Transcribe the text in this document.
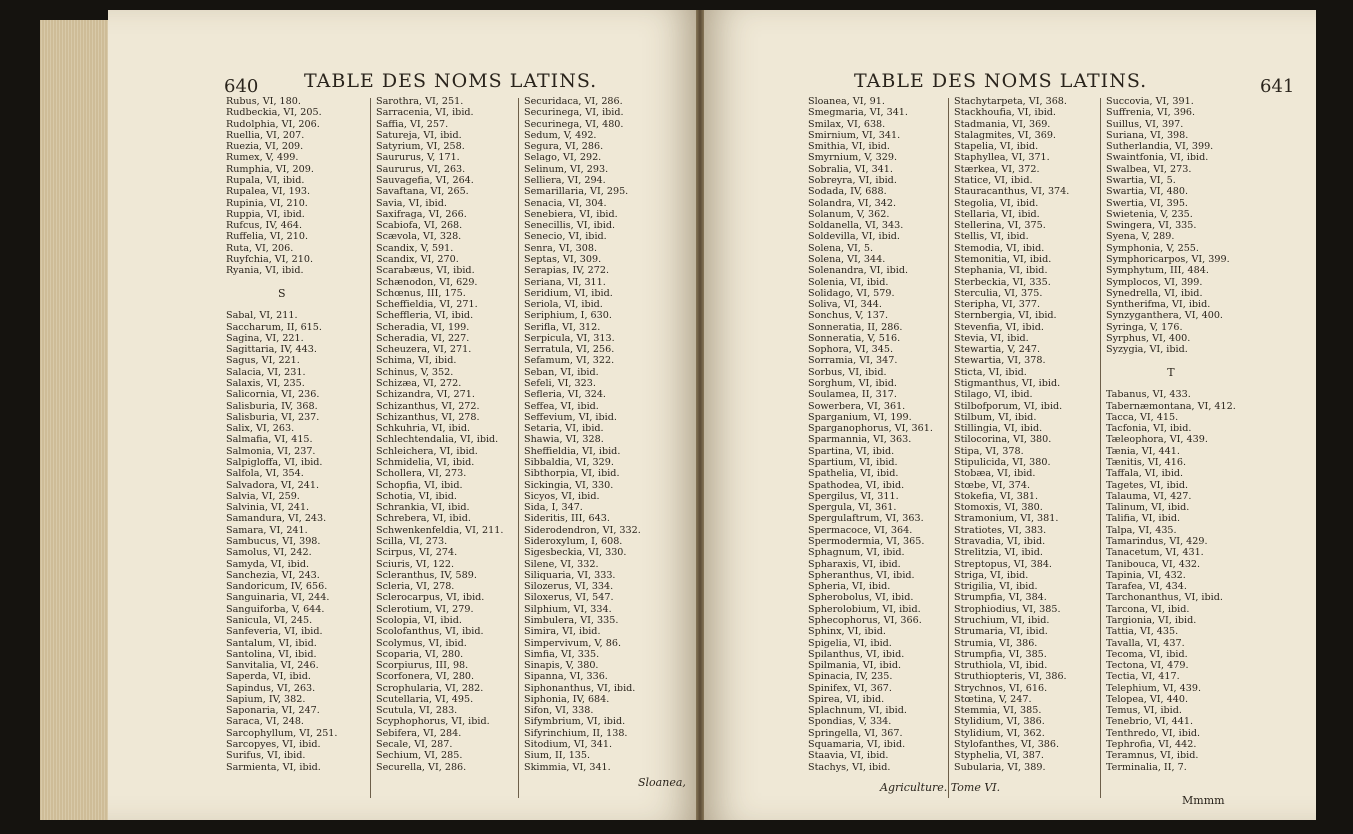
640 TABLE DES NOMS LATINS.
Rubus, VI, 180.
Rudbeckia, VI, 205.
Rudolphia, VI, 206.
Ruellia, VI, 207.
Ruezia, VI, 209.
Rumex, V, 499.
Rumphia, VI, 209.
Rupala, VI, ibid.
Rupalea, VI, 193.
Rupinia, VI, 210.
Ruppia, VI, ibid.
Rufcus, IV, 464.
Ruffelia, VI, 210.
Ruta, VI, 206.
Ruyfchia, VI, 210.
Ryania, VI, ibid.

S

Sabal, VI, 211.
Saccharum, II, 615.
Sagina, VI, 221.
Sagittaria, IV, 443.
Sagus, VI, 221.
Salacia, VI, 231.
Salaxis, VI, 235.
Salicornia, VI, 236.
Salisburia, IV, 368.
Salisburia, VI, 237.
Salix, VI, 263.
Salmafia, VI, 415.
Salmonia, VI, 237.
Salpigloffa, VI, ibid.
Salfola, VI, 354.
Salvadora, VI, 241.
Salvia, VI, 259.
Salvinia, VI, 241.
Samandura, VI, 243.
Samara, VI, 241.
Sambucus, VI, 398.
Samolus, VI, 242.
Samyda, VI, ibid.
Sanchezia, VI, 243.
Sandoricum, IV, 656.
Sanguinaria, VI, 244.
Sanguiforba, V, 644.
Sanicula, VI, 245.
Sanfeveria, VI, ibid.
Santalum, VI, ibid.
Santolina, VI, ibid.
Sanvitalia, VI, 246.
Saperda, VI, ibid.
Sapindus, VI, 263.
Sapium, IV, 382.
Saponaria, VI, 247.
Saraca, VI, 248.
Sarcophyllum, VI, 251.
Sarcopyes, VI, ibid.
Surifus, VI, ibid.
Sarmienta, VI, ibid.
Sarothra, VI, 251.
Sarracenia, VI, ibid.
Saffia, VI, 257.
Satureja, VI, ibid.
Satyrium, VI, 258.
Saururus, V, 171.
Saururus, VI, 263.
Sauvagefia, VI, 264.
Savaftana, VI, 265.
Savia, VI, ibid.
Saxifraga, VI, 266.
Scabiofa, VI, 268.
Scævola, VI, 328.
Scandix, V, 591.
Scandix, VI, 270.
Scarabæus, VI, ibid.
Schænodon, VI, 629.
Schœnus, III, 175.
Scheffieldia, VI, 271.
Scheffleria, VI, ibid.
Scheradia, VI, 199.
Scheradia, VI, 227.
Scheuzera, VI, 271.
Schima, VI, ibid.
Schinus, V, 352.
Schizæa, VI, 272.
Schizandra, VI, 271.
Schizanthus, VI, 272.
Schizanthus, VI, 278.
Schkuhria, VI, ibid.
Schlechtendalia, VI, ibid.
Schleichera, VI, ibid.
Schmidelia, VI, ibid.
Schollera, VI, 273.
Schopfia, VI, ibid.
Schotia, VI, ibid.
Schrankia, VI, ibid.
Schrebera, VI, ibid.
Schwenkenfeldia, VI, 211.
Scilla, VI, 273.
Scirpus, VI, 274.
Sciuris, VI, 122.
Scleranthus, IV, 589.
Scleria, VI, 278.
Sclerocarpus, VI, ibid.
Sclerotium, VI, 279.
Scolopia, VI, ibid.
Scolofanthus, VI, ibid.
Scolymus, VI, ibid.
Scoparia, VI, 280.
Scorpiurus, III, 98.
Scorfonera, VI, 280.
Scrophularia, VI, 282.
Scutellaria, VI, 495.
Scutula, VI, 283.
Scyphophorus, VI, ibid.
Sebifera, VI, 284.
Secale, VI, 287.
Sechium, VI, 285.
Securella, VI, 286.
Securidaca, VI, 286.
Securinega, VI, ibid.
Securinega, VI, 480.
Sedum, V, 492.
Segura, VI, 286.
Selago, VI, 292.
Selinum, VI, 293.
Selliera, VI, 294.
Semarillaria, VI, 295.
Senacia, VI, 304.
Senebiera, VI, ibid.
Senecillis, VI, ibid.
Senecio, VI, ibid.
Senra, VI, 308.
Septas, VI, 309.
Serapias, IV, 272.
Seriana, VI, 311.
Seridium, VI, ibid.
Seriola, VI, ibid.
Seriphium, I, 630.
Serifla, VI, 312.
Serpicula, VI, 313.
Serratula, VI, 256.
Sefamum, VI, 322.
Seban, VI, ibid.
Sefeli, VI, 323.
Sefleria, VI, 324.
Seffea, VI, ibid.
Seffevium, VI, ibid.
Setaria, VI, ibid.
Shawia, VI, 328.
Sheffieldia, VI, ibid.
Sibbaldia, VI, 329.
Sibthorpia, VI, ibid.
Sickingia, VI, 330.
Sicyos, VI, ibid.
Sida, I, 347.
Sideritis, III, 643.
Siderodendron, VI, 332.
Sideroxylum, I, 608.
Sigesbeckia, VI, 330.
Silene, VI, 332.
Siliquaria, VI, 333.
Silozerus, VI, 334.
Siloxerus, VI, 547.
Silphium, VI, 334.
Simbulera, VI, 335.
Simira, VI, ibid.
Simpervivum, V, 86.
Simfia, VI, 335.
Sinapis, V, 380.
Sipanna, VI, 336.
Siphonanthus, VI, ibid.
Siphonia, IV, 684.
Sifon, VI, 338.
Sifymbrium, VI, ibid.
Sifyrinchium, II, 138.
Sitodium, VI, 341.
Sium, II, 135.
Skimmia, VI, 341.
Sloanea,
TABLE DES NOMS LATINS.	641
Sloanea, VI, 91.
Smegmaria, VI, 341.
Smilax, VI, 638.
Smirnium, VI, 341.
Smithia, VI, ibid.
Smyrnium, V, 329.
Sobralia, VI, 341.
Sobreyra, VI, ibid.
Sodada, IV, 688.
Solandra, VI, 342.
Solanum, V, 362.
Soldanella, VI, 343.
Soldevilla, VI, ibid.
Solena, VI, 5.
Solena, VI, 344.
Solenandra, VI, ibid.
Solenia, VI, ibid.
Solidago, VI, 579.
Soliva, VI, 344.
Sonchus, V, 137.
Sonneratia, II, 286.
Sonneratia, V, 516.
Sophora, VI, 345.
Sorramia, VI, 347.
Sorbus, VI, ibid.
Sorghum, VI, ibid.
Soulamea, II, 317.
Sowerbera, VI, 361.
Sparganium, VI, 199.
Sparganophorus, VI, 361.
Sparmannia, VI, 363.
Spartina, VI, ibid.
Spartium, VI, ibid.
Spathelia, VI, ibid.
Spathodea, VI, ibid.
Spergilus, VI, 311.
Spergula, VI, 361.
Spergulaftrum, VI, 363.
Spermacoce, VI, 364.
Spermodermia, VI, 365.
Sphagnum, VI, ibid.
Spharaxis, VI, ibid.
Spheranthus, VI, ibid.
Spheria, VI, ibid.
Spherobolus, VI, ibid.
Spherolobium, VI, ibid.
Sphecophorus, VI, 366.
Sphinx, VI, ibid.
Spigelia, VI, ibid.
Spilanthus, VI, ibid.
Spilmania, VI, ibid.
Spinacia, IV, 235.
Spinifex, VI, 367.
Spirea, VI, ibid.
Splachnum, VI, ibid.
Spondias, V, 334.
Springella, VI, 367.
Squamaria, VI, ibid.
Staavia, VI, ibid.
Stachys, VI, ibid.
Stachytarpeta, VI, 368.
Stackhoufia, VI, ibid.
Stadmania, VI, 369.
Stalagmites, VI, 369.
Stapelia, VI, ibid.
Staphyllea, VI, 371.
Stærkea, VI, 372.
Statice, VI, ibid.
Stauracanthus, VI, 374.
Stegolia, VI, ibid.
Stellaria, VI, ibid.
Stellerina, VI, 375.
Stellis, VI, ibid.
Stemodia, VI, ibid.
Stemonitia, VI, ibid.
Stephania, VI, ibid.
Sterbeckia, VI, 335.
Sterculia, VI, 375.
Steripha, VI, 377.
Sternbergia, VI, ibid.
Stevenfia, VI, ibid.
Stevia, VI, ibid.
Stewartia, V, 247.
Stewartia, VI, 378.
Sticta, VI, ibid.
Stigmanthus, VI, ibid.
Stilago, VI, ibid.
Stilbofporum, VI, ibid.
Stilbum, VI, ibid.
Stillingia, VI, ibid.
Stilocorina, VI, 380.
Stipa, VI, 378.
Stipulicida, VI, 380.
Stobæa, VI, ibid.
Stœbe, VI, 374.
Stokefia, VI, 381.
Stomoxis, VI, 380.
Stramonium, VI, 381.
Stratiotes, VI, 383.
Stravadia, VI, ibid.
Strelitzia, VI, ibid.
Streptopus, VI, 384.
Striga, VI, ibid.
Strigilia, VI, ibid.
Strumpfia, VI, 384.
Strophiodius, VI, 385.
Struchium, VI, ibid.
Strumaria, VI, ibid.
Strumia, VI, 386.
Strumpfia, VI, 385.
Struthiola, VI, ibid.
Struthiopteris, VI, 386.
Strychnos, VI, 616.
Stœtina, V, 247.
Stemmia, VI, 385.
Stylidium, VI, 386.
Stylidium, VI, 362.
Stylofanthes, VI, 386.
Styphelia, VI, 387.
Subularia, VI, 389.
Succovia, VI, 391.
Suffrenia, VI, 396.
Suillus, VI, 397.
Suriana, VI, 398.
Sutherlandia, VI, 399.
Swaintfonia, VI, ibid.
Swalbea, VI, 273.
Swartia, VI, 5.
Swartia, VI, 480.
Swertia, VI, 395.
Swietenia, V, 235.
Swingera, VI, 335.
Syena, V, 289.
Symphonia, V, 255.
Symphoricarpos, VI, 399.
Symphytum, III, 484.
Symplocos, VI, 399.
Synedrella, VI, ibid.
Syntherifma, VI, ibid.
Synzyganthera, VI, 400.
Syringa, V, 176.
Syrphus, VI, 400.
Syzygia, VI, ibid.

T

Tabanus, VI, 433.
Tabernæmontana, VI, 412.
Tacca, VI, 415.
Tacfonia, VI, ibid.
Tæleophora, VI, 439.
Tænia, VI, 441.
Tænitis, VI, 416.
Taffala, VI, ibid.
Tagetes, VI, ibid.
Talauma, VI, 427.
Talinum, VI, ibid.
Talifia, VI, ibid.
Talpa, VI, 435.
Tamarindus, VI, 429.
Tanacetum, VI, 431.
Tanibouca, VI, 432.
Tapinia, VI, 432.
Tarafea, VI, 434.
Tarchonanthus, VI, ibid.
Tarcona, VI, ibid.
Targionia, VI, ibid.
Tattia, VI, 435.
Tavalla, VI, 437.
Tecoma, VI, ibid.
Tectona, VI, 479.
Tectia, VI, 417.
Telephium, VI, 439.
Telopea, VI, 440.
Temus, VI, ibid.
Tenebrio, VI, 441.
Tenthredo, VI, ibid.
Tephrofia, VI, 442.
Teramnus, VI, ibid.
Terminalia, II, 7.
Agriculture. Tome VI.
Mmmm
